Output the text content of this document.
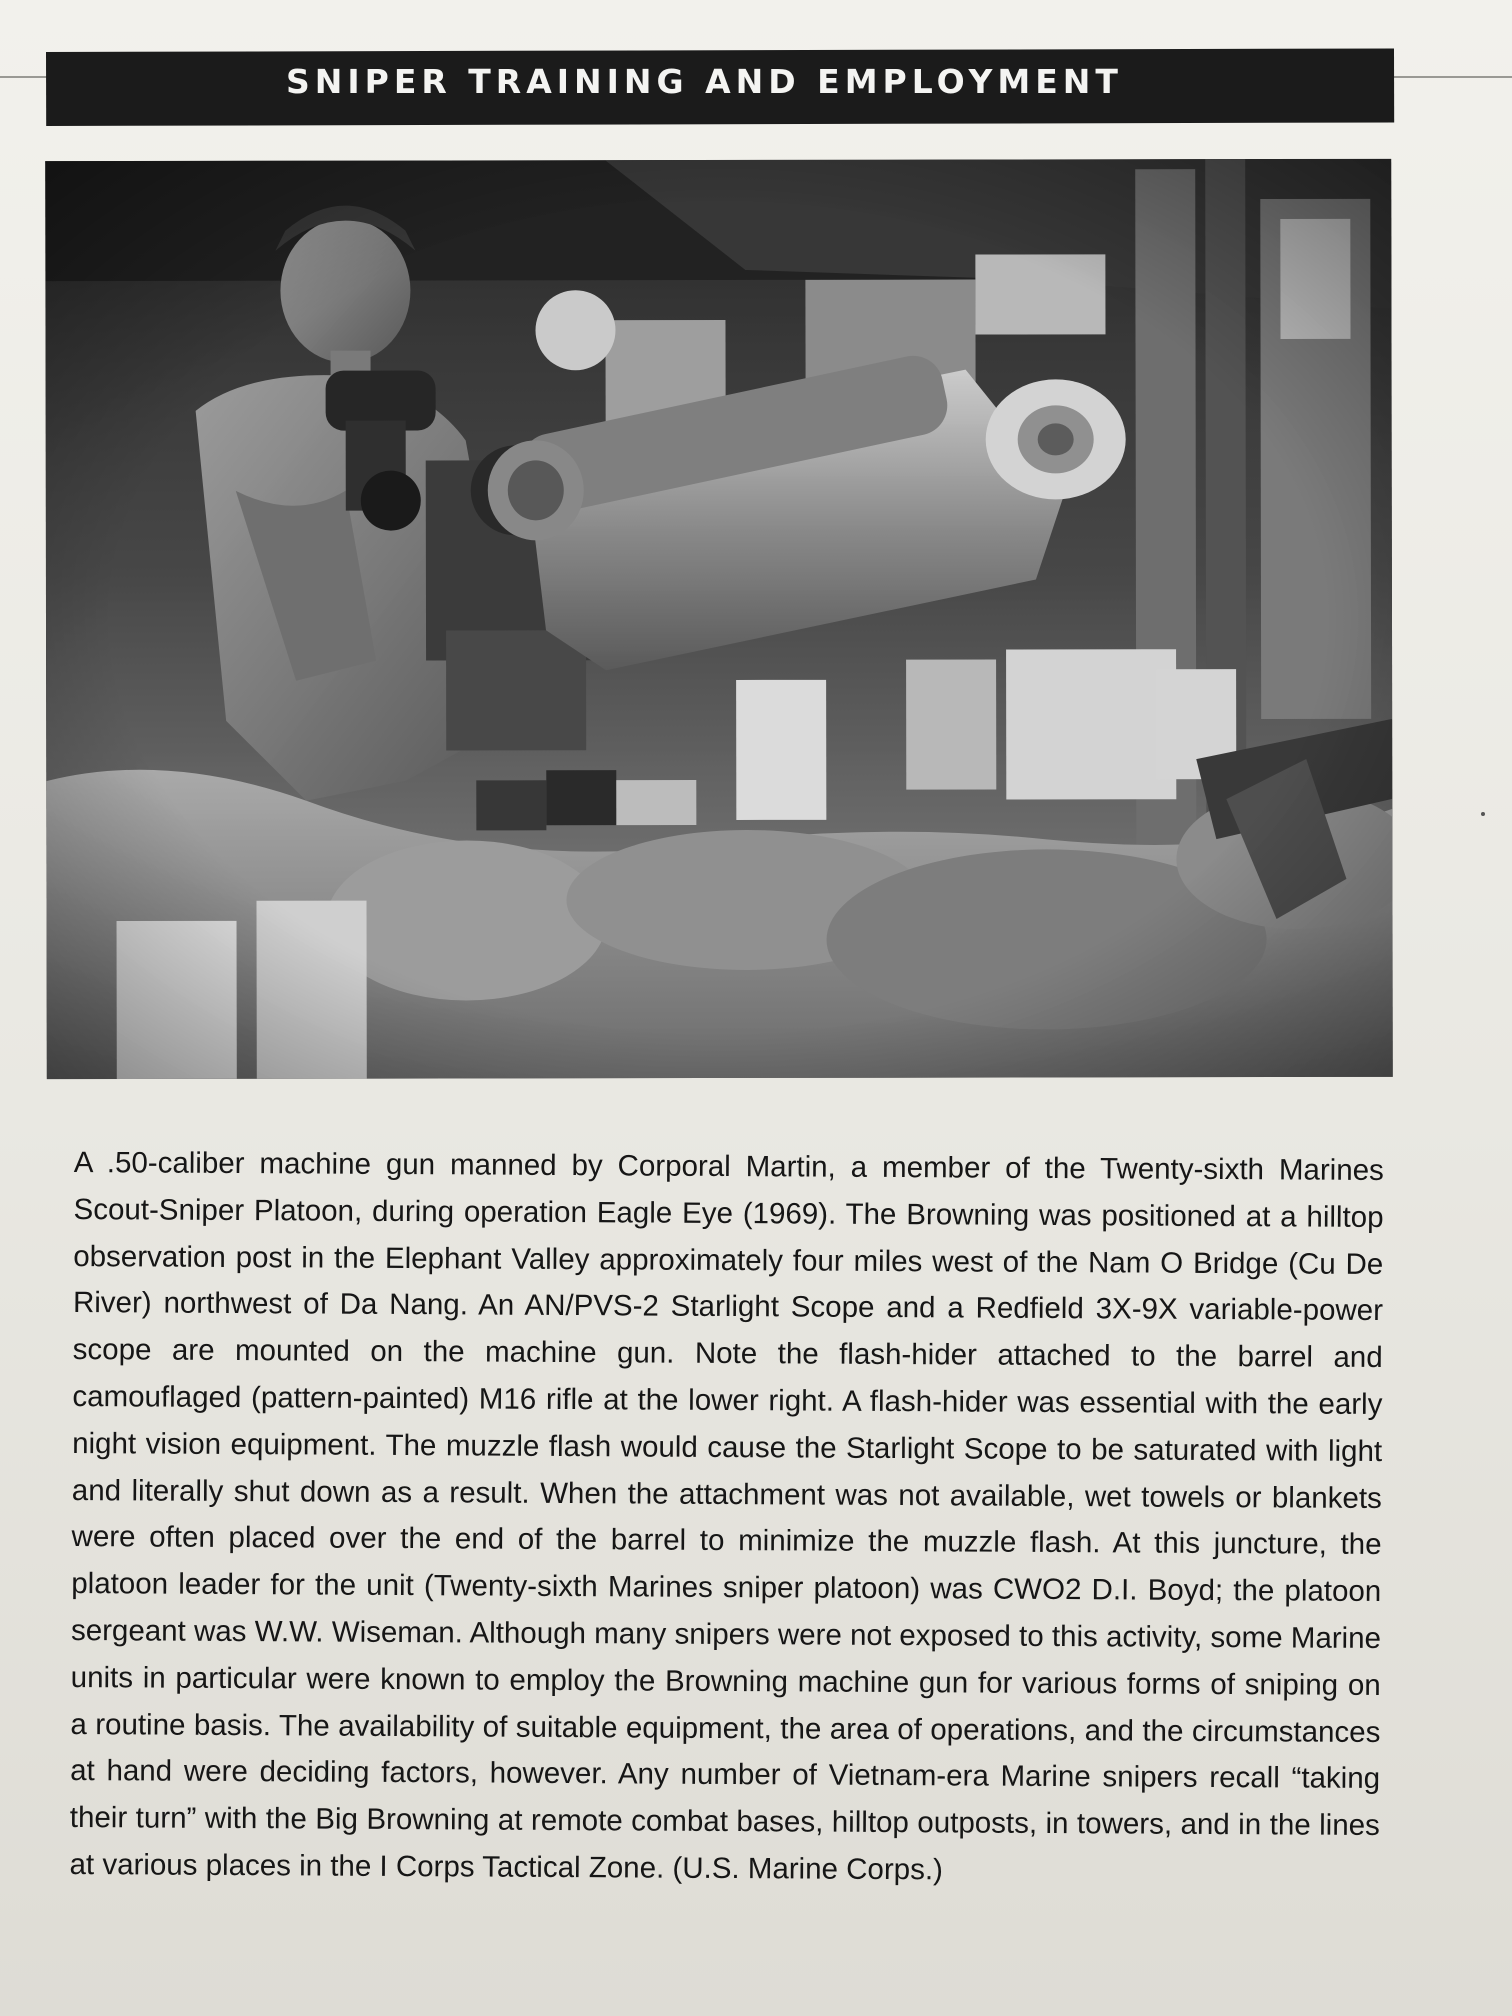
SNIPER TRAINING AND EMPLOYMENT

A .50-caliber machine gun manned by Corporal Martin, a member of the Twenty-sixth Marines Scout-Sniper Platoon, during operation Eagle Eye (1969). The Browning was positioned at a hilltop observation post in the Elephant Valley approximately four miles west of the Nam O Bridge (Cu De River) northwest of Da Nang. An AN/PVS-2 Starlight Scope and a Redfield 3X-9X variable-power scope are mounted on the machine gun. Note the flash-hider attached to the barrel and camouflaged (pattern-painted) M16 rifle at the lower right. A flash-hider was essential with the early night vision equipment. The muzzle flash would cause the Starlight Scope to be saturated with light and literally shut down as a result. When the attachment was not available, wet towels or blankets were often placed over the end of the barrel to minimize the muzzle flash. At this juncture, the platoon leader for the unit (Twenty-sixth Marines sniper platoon) was CWO2 D.I. Boyd; the platoon sergeant was W.W. Wiseman. Although many snipers were not exposed to this activity, some Marine units in particular were known to employ the Browning machine gun for various forms of sniping on a routine basis. The availability of suitable equipment, the area of operations, and the circumstances at hand were deciding factors, however. Any number of Vietnam-era Marine snipers recall “taking their turn” with the Big Browning at remote combat bases, hilltop outposts, in towers, and in the lines at various places in the I Corps Tactical Zone. (U.S. Marine Corps.)
